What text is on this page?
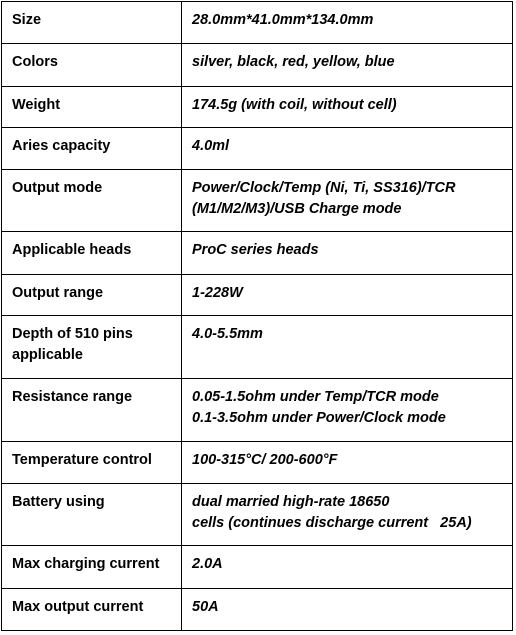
Size	28.0mm*41.0mm*134.0mm

Colors	silver, black, red, yellow, blue

Weight	174.5g (with coil, without cell)

Aries capacity	4.0ml

Output mode	Power/Clock/Temp (Ni, Ti, SS316)/TCR
(M1/M2/M3)/USB Charge mode

Applicable heads	ProC series heads

Output range	1-228W

Depth of 510 pins
applicable	4.0-5.5mm

Resistance range	0.05-1.5ohm under Temp/TCR mode
0.1-3.5ohm under Power/Clock mode

Temperature control	100-315°C/ 200-600°F

Battery using	dual married high-rate 18650
cells (continues discharge current   25A)

Max charging current	2.0A

Max output current	50A
